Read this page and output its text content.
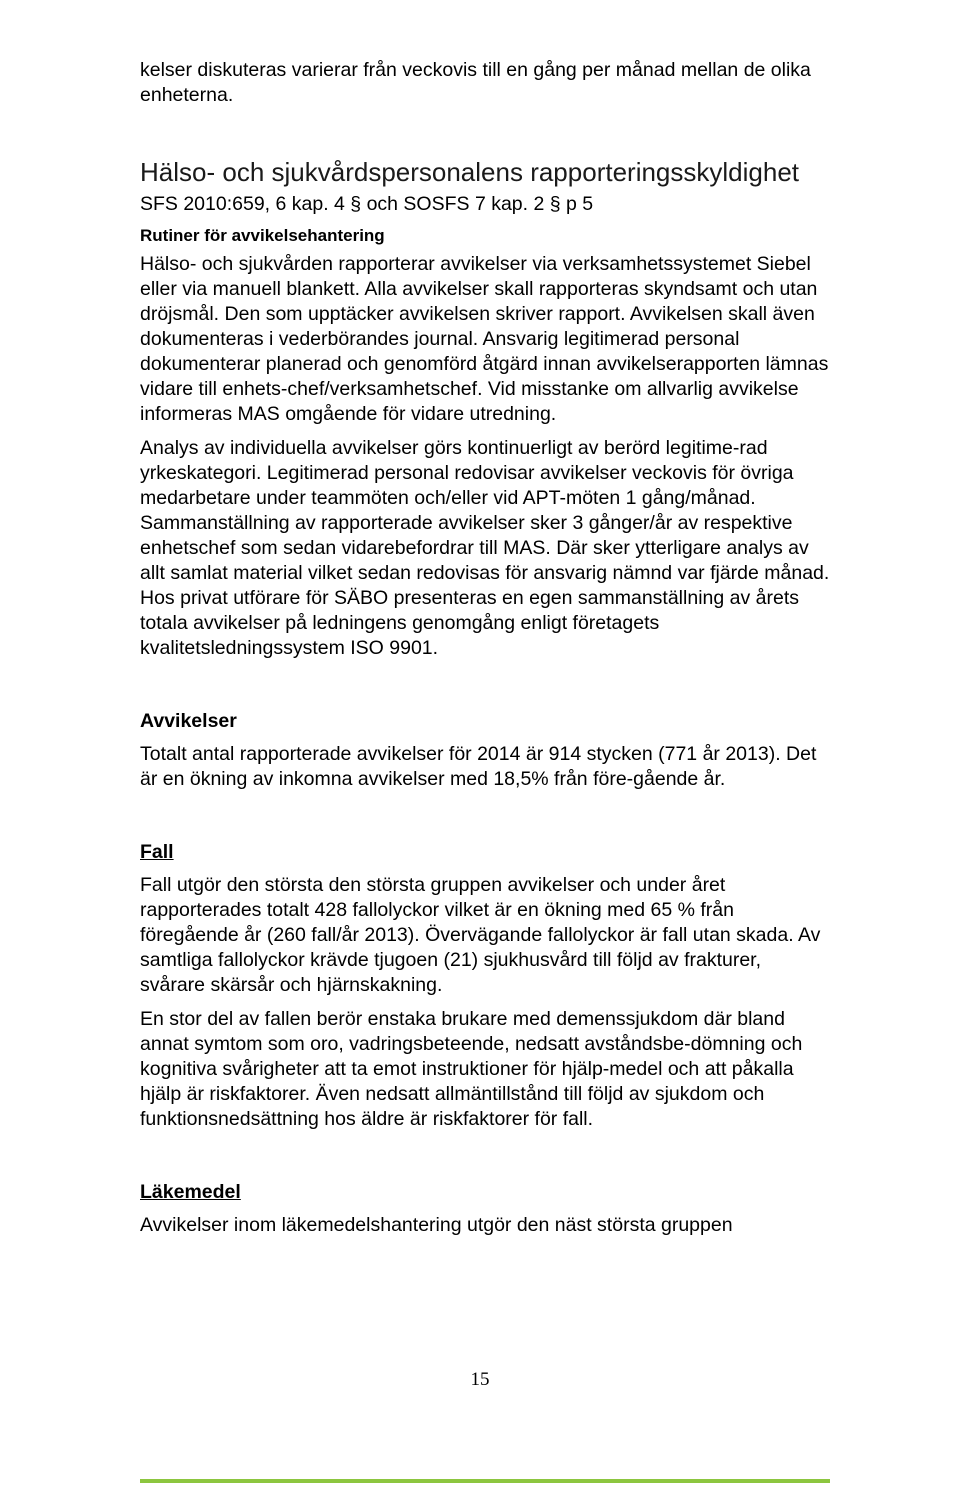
kelser diskuteras varierar från veckovis till en gång per månad mellan de olika enheterna.

Hälso- och sjukvårdspersonalens rapporteringsskyldighet

SFS 2010:659, 6 kap. 4 § och SOSFS 7 kap. 2 § p 5

Rutiner för avvikelsehantering

Hälso- och sjukvården rapporterar avvikelser via verksamhetssystemet Siebel eller via manuell blankett. Alla avvikelser skall rapporteras skyndsamt och utan dröjsmål. Den som upptäcker avvikelsen skriver rapport. Avvikelsen skall även dokumenteras i vederbörandes journal. Ansvarig legitimerad personal dokumenterar planerad och genomförd åtgärd innan avvikelserapporten lämnas vidare till enhets-chef/verksamhetschef. Vid misstanke om allvarlig avvikelse informeras MAS omgående för vidare utredning.

Analys av individuella avvikelser görs kontinuerligt av berörd legitime-rad yrkeskategori. Legitimerad personal redovisar avvikelser veckovis för övriga medarbetare under teammöten och/eller vid APT-möten 1 gång/månad. Sammanställning av rapporterade avvikelser sker 3 gånger/år av respektive enhetschef som sedan vidarebefordrar till MAS. Där sker ytterligare analys av allt samlat material vilket sedan redovisas för ansvarig nämnd var fjärde månad. Hos privat utförare för SÄBO presenteras en egen sammanställning av årets totala avvikelser på ledningens genomgång enligt företagets kvalitetsledningssystem ISO 9901.

Avvikelser

Totalt antal rapporterade avvikelser för 2014 är 914 stycken (771 år 2013). Det är en ökning av inkomna avvikelser med 18,5% från före-gående år.

Fall

Fall utgör den största den största gruppen avvikelser och under året rapporterades totalt 428 fallolyckor vilket är en ökning med 65 % från föregående år (260 fall/år 2013). Övervägande fallolyckor är fall utan skada. Av samtliga fallolyckor krävde tjugoen (21) sjukhusvård till följd av frakturer, svårare skärsår och hjärnskakning.

En stor del av fallen berör enstaka brukare med demenssjukdom där bland annat symtom som oro, vadringsbeteende, nedsatt avståndsbe-dömning och kognitiva svårigheter att ta emot instruktioner för hjälp-medel och att påkalla hjälp är riskfaktorer. Även nedsatt allmäntillstånd till följd av sjukdom och funktionsnedsättning hos äldre är riskfaktorer för fall.

Läkemedel

Avvikelser inom läkemedelshantering utgör den näst största gruppen

15
